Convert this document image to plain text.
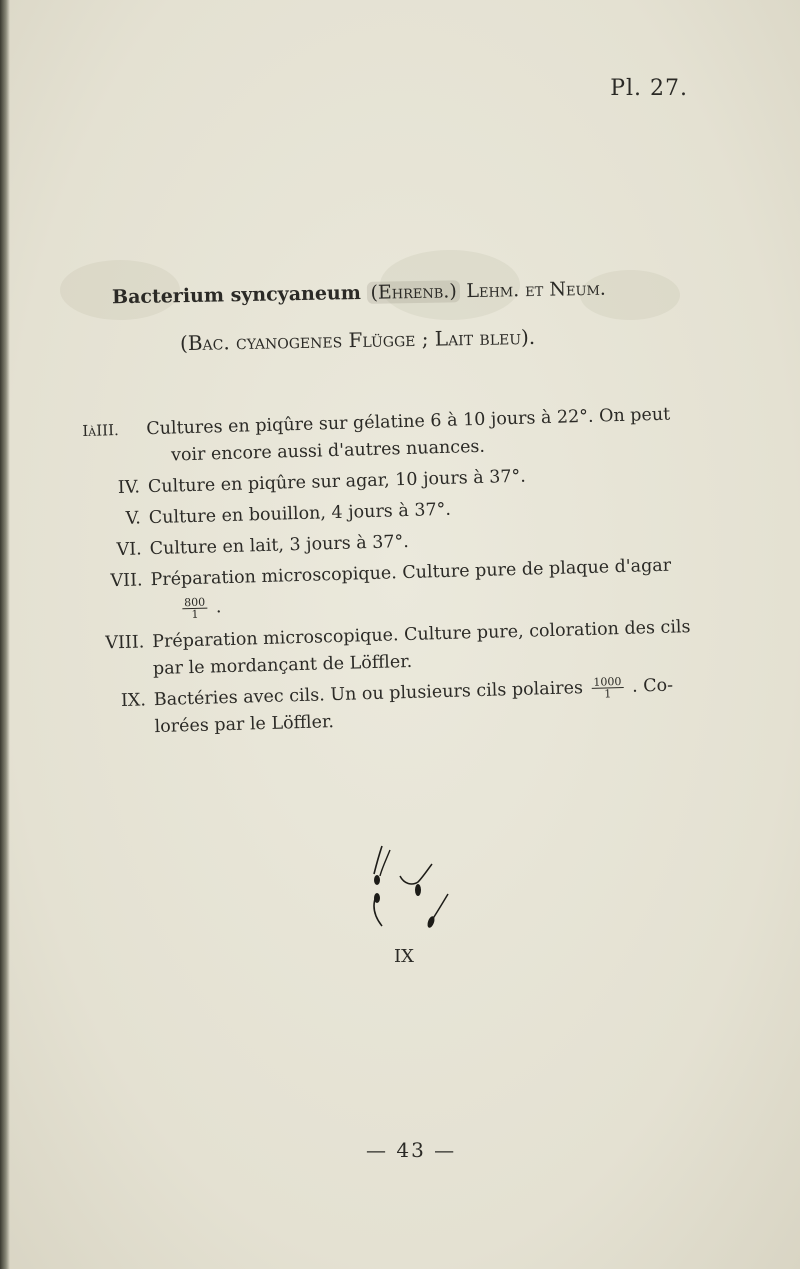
Pl. 27.
Bacterium syncyaneum (Ehrenb.) Lehm. et Neum.
(Bac. cyanogenes Flügge ; Lait bleu).
IàIII.	Cultures en piqûre sur gélatine 6 à 10 jours à 22°. On peut
voir encore aussi d'autres nuances.
IV. Culture en piqûre sur agar, 10 jours à 37°.
V. Culture en bouillon, 4 jours à 37°.
VI. Culture en lait, 3 jours à 37°.
VII. Préparation microscopique. Culture pure de plaque d'agar
$\frac{800}{1}$ .
VIII. Préparation microscopique. Culture pure, coloration des cils
par le mordançant de Löffler.
IX. Bactéries avec cils. Un ou plusieurs cils polaires $\frac{1000}{1}$ . Co-
lorées par le Löffler.
IX
— 43 —
